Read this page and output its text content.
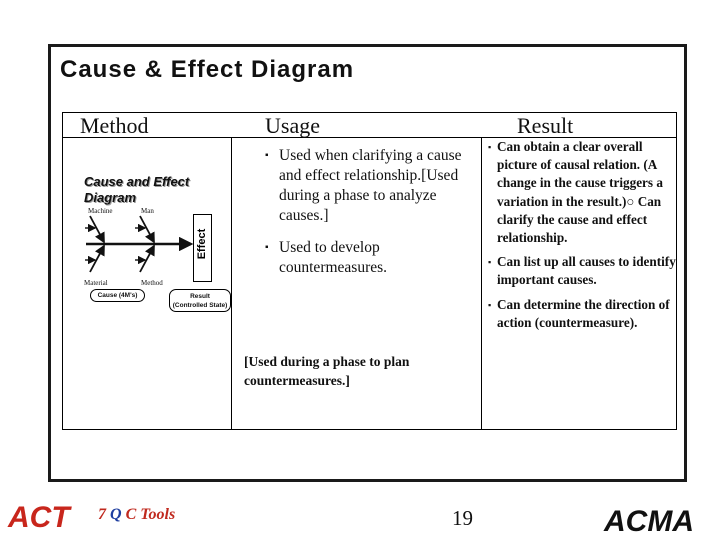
Cause & Effect Diagram
Method	Usage	Result
Cause and Effect
Diagram
Machine	Man
Material	Method
Effect
Cause (4M's)	Result
(Controlled State)
▪ Used when clarifying a cause and effect relationship.[Used during a phase to analyze causes.]
▪ Used to develop countermeasures.
[Used during a phase to plan countermeasures.]
▪ Can obtain a clear overall picture of causal relation. (A change in the cause triggers a variation in the result.)○ Can clarify the cause and effect relationship.
▪ Can list up all causes to identify important causes.
▪ Can determine the direction of action (countermeasure).
ACT 7 Q C Tools	19	ACMA
